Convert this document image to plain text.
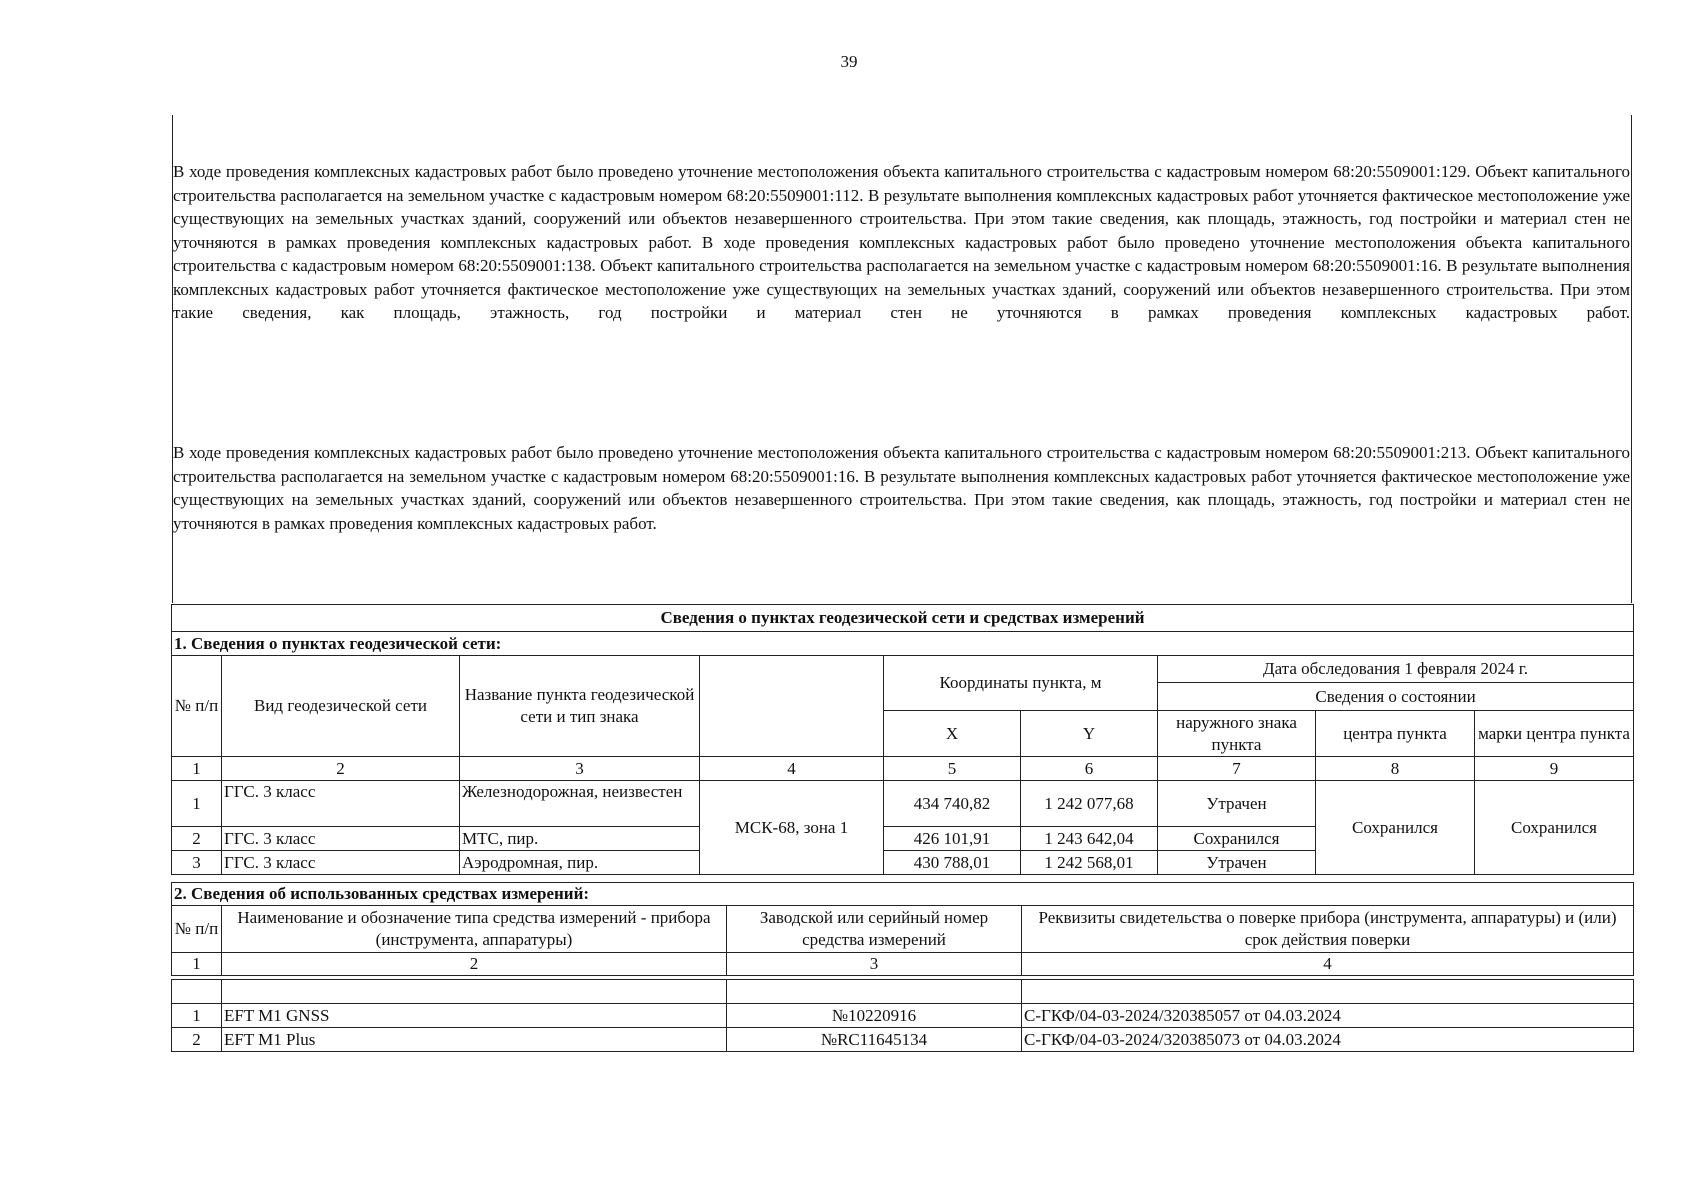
39
В ходе проведения комплексных кадастровых работ было проведено уточнение местоположения объекта капитального строительства с кадастровым номером 68:20:5509001:129. Объект капитального строительства располагается на земельном участке с кадастровым номером 68:20:5509001:112. В результате выполнения комплексных кадастровых работ уточняется фактическое местоположение уже существующих на земельных участках зданий, сооружений или объектов незавершенного строительства. При этом такие сведения, как площадь, этажность, год постройки и материал стен не уточняются в рамках проведения комплексных кадастровых работ. В ходе проведения комплексных кадастровых работ было проведено уточнение местоположения объекта капитального строительства с кадастровым номером 68:20:5509001:138. Объект капитального строительства располагается на земельном участке с кадастровым номером 68:20:5509001:16. В результате выполнения комплексных кадастровых работ уточняется фактическое местоположение уже существующих на земельных участках зданий, сооружений или объектов незавершенного строительства. При этом такие сведения, как площадь, этажность, год постройки и материал стен не уточняются в рамках проведения комплексных кадастровых работ.
В ходе проведения комплексных кадастровых работ было проведено уточнение местоположения объекта капитального строительства с кадастровым номером 68:20:5509001:213. Объект капитального строительства располагается на земельном участке с кадастровым номером 68:20:5509001:16. В результате выполнения комплексных кадастровых работ уточняется фактическое местоположение уже существующих на земельных участках зданий, сооружений или объектов незавершенного строительства. При этом такие сведения, как площадь, этажность, год постройки и материал стен не уточняются в рамках проведения комплексных кадастровых работ.
Сведения о пунктах геодезической сети и средствах измерений								
1. Сведения о пунктах геодезической сети:								
№ п/п	Вид геодезической сети	Название пункта геодезической сети и тип знака		Координаты пункта, м		Дата обследования 1 февраля 2024 г.		
						Сведения о состоянии		
				X	Y	наружного знака пункта	центра пункта	марки центра пункта
1	2	3	4	5	6	7	8	9
1	ГГС. 3 класс	Железнодорожная, неизвестен	МСК-68, зона 1	434 740,82	1 242 077,68	Утрачен	Сохранился	Сохранился
2	ГГС. 3 класс	МТС, пир.		426 101,91	1 243 642,04	Сохранился		
3	ГГС. 3 класс	Аэродромная, пир.		430 788,01	1 242 568,01	Утрачен		
2. Сведения об использованных средствах измерений:			
№ п/п	Наименование и обозначение типа средства измерений - прибора (инструмента, аппаратуры)	Заводской или серийный номер средства измерений	Реквизиты свидетельства о поверке прибора (инструмента, аппаратуры) и (или) срок действия поверки
1	2	3	4

1	EFT M1 GNSS	№10220916	С-ГКФ/04-03-2024/320385057 от 04.03.2024
2	EFT M1 Plus	№RC11645134	С-ГКФ/04-03-2024/320385073 от 04.03.2024
